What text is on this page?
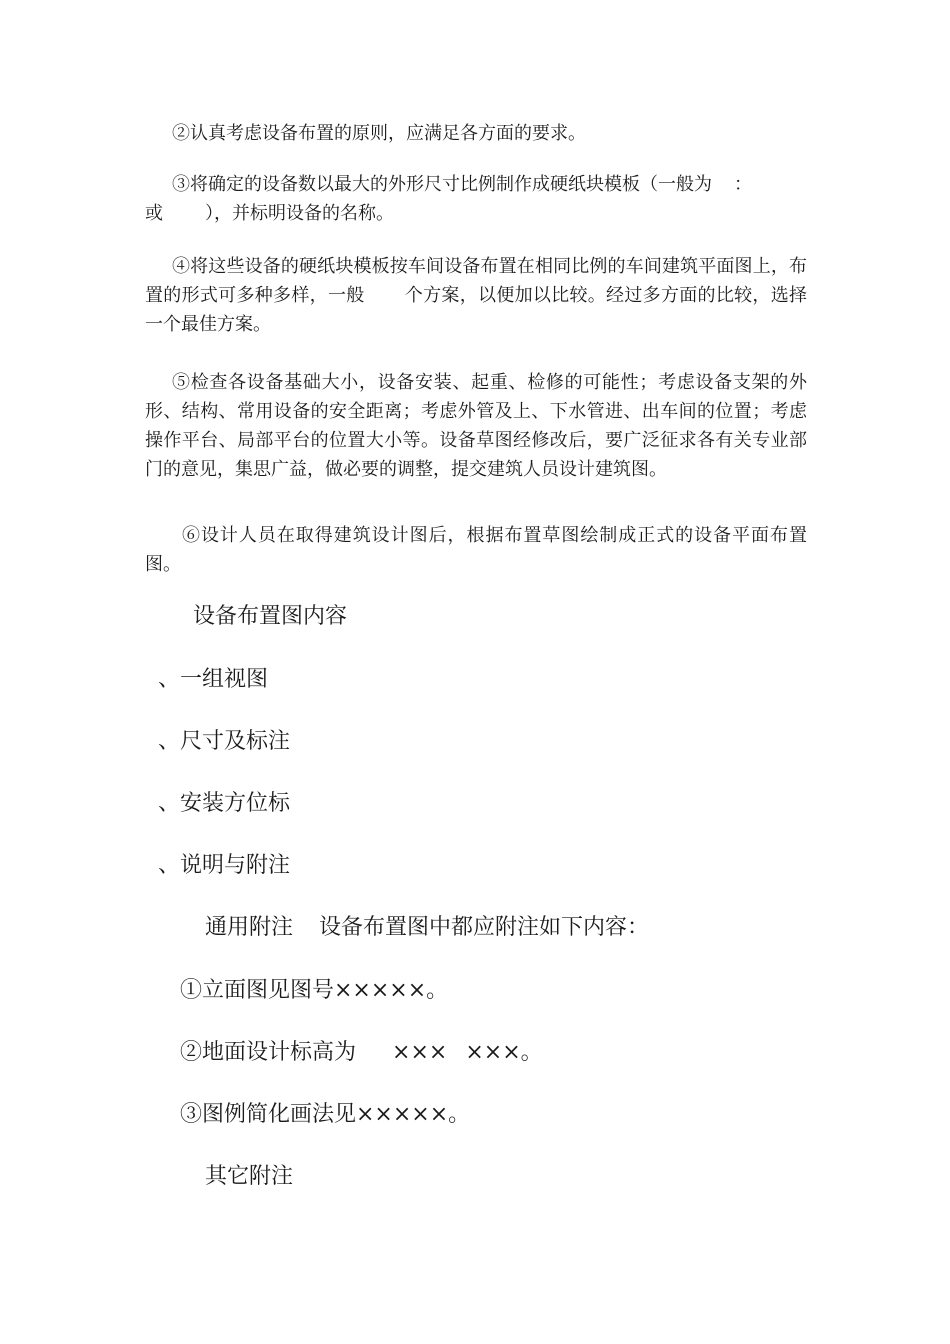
②认真考虑设备布置的原则，应满足各方面的要求。

③将确定的设备数以最大的外形尺寸比例制作成硬纸块模板（一般为 ：
或 ），并标明设备的名称。

④将这些设备的硬纸块模板按车间设备布置在相同比例的车间建筑平面图上，布置的形式可多种多样，一般 个方案，以便加以比较。经过多方面的比较，选择一个最佳方案。

⑤检查各设备基础大小，设备安装、起重、检修的可能性；考虑设备支架的外形、结构、常用设备的安全距离；考虑外管及上、下水管进、出车间的位置；考虑操作平台、局部平台的位置大小等。设备草图经修改后，要广泛征求各有关专业部门的意见，集思广益，做必要的调整，提交建筑人员设计建筑图。

⑥设计人员在取得建筑设计图后，根据布置草图绘制成正式的设备平面布置图。

设备布置图内容

、一组视图

、尺寸及标注

、安装方位标

、说明与附注

通用附注 设备布置图中都应附注如下内容：

①立面图见图号×××××。

②地面设计标高为 ××× ×××。

③图例简化画法见×××××。

其它附注
